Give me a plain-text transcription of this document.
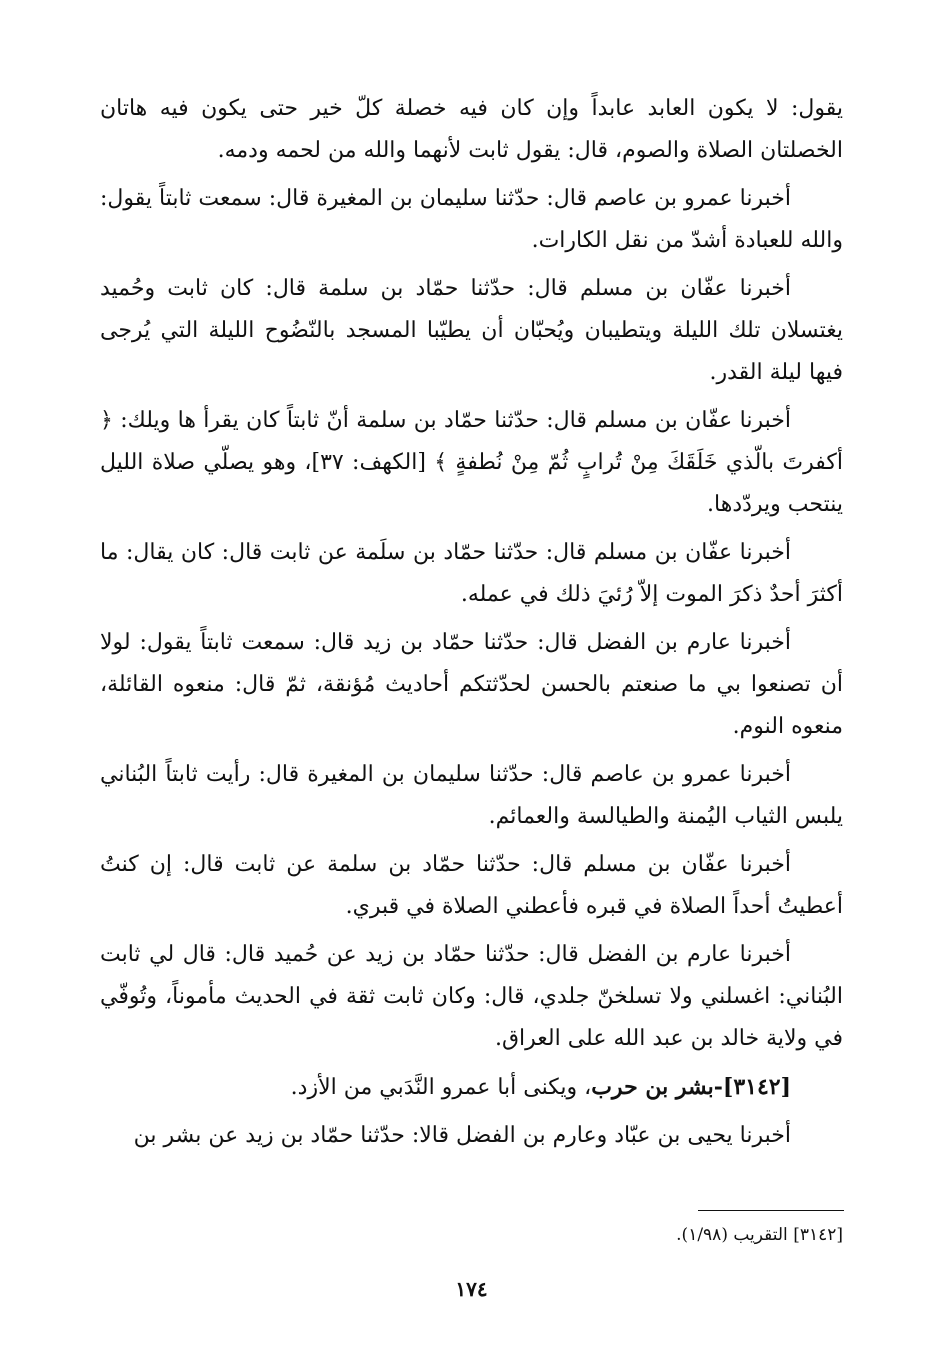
يقول: لا يكون العابد عابداً وإن كان فيه خصلة كلّ خير حتى يكون فيه هاتان الخصلتان الصلاة والصوم، قال: يقول ثابت لأنهما والله من لحمه ودمه.

أخبرنا عمرو بن عاصم قال: حدّثنا سليمان بن المغيرة قال: سمعت ثابتاً يقول: والله للعبادة أشدّ من نقل الكارات.

أخبرنا عفّان بن مسلم قال: حدّثنا حمّاد بن سلمة قال: كان ثابت وحُميد يغتسلان تلك الليلة ويتطيبان ويُحبّان أن يطيّبا المسجد بالنّضُوح الليلة التي يُرجى فيها ليلة القدر.

أخبرنا عفّان بن مسلم قال: حدّثنا حمّاد بن سلمة أنّ ثابتاً كان يقرأ ها ويلك: ﴿ أكفرتَ بالّذي خَلَقَكَ مِنْ تُرابٍ ثُمّ مِنْ نُطفةٍ ﴾ [الكهف: ٣٧]، وهو يصلّي صلاة الليل ينتحب ويردّدها.

أخبرنا عفّان بن مسلم قال: حدّثنا حمّاد بن سلَمة عن ثابت قال: كان يقال: ما أكثرَ أحدٌ ذكرَ الموت إلاّ رُئيَ ذلك في عمله.

أخبرنا عارم بن الفضل قال: حدّثنا حمّاد بن زيد قال: سمعت ثابتاً يقول: لولا أن تصنعوا بي ما صنعتم بالحسن لحدّثتكم أحاديث مُؤنقة، ثمّ قال: منعوه القائلة، منعوه النوم.

أخبرنا عمرو بن عاصم قال: حدّثنا سليمان بن المغيرة قال: رأيت ثابتاً البُناني يلبس الثياب اليُمنة والطيالسة والعمائم.

أخبرنا عفّان بن مسلم قال: حدّثنا حمّاد بن سلمة عن ثابت قال: إن كنتُ أعطيتُ أحداً الصلاة في قبره فأعطني الصلاة في قبري.

أخبرنا عارم بن الفضل قال: حدّثنا حمّاد بن زيد عن حُميد قال: قال لي ثابت البُناني: اغسلني ولا تسلخنّ جلدي، قال: وكان ثابت ثقة في الحديث مأموناً، وتُوفّي في ولاية خالد بن عبد الله على العراق.

[٣١٤٢]-بشر بن حرب، ويكنى أبا عمرو النَّدَبي من الأزد.

أخبرنا يحيى بن عبّاد وعارم بن الفضل قالا: حدّثنا حمّاد بن زيد عن بشر بن

[٣١٤٢] التقريب (١/٩٨).
١٧٤
